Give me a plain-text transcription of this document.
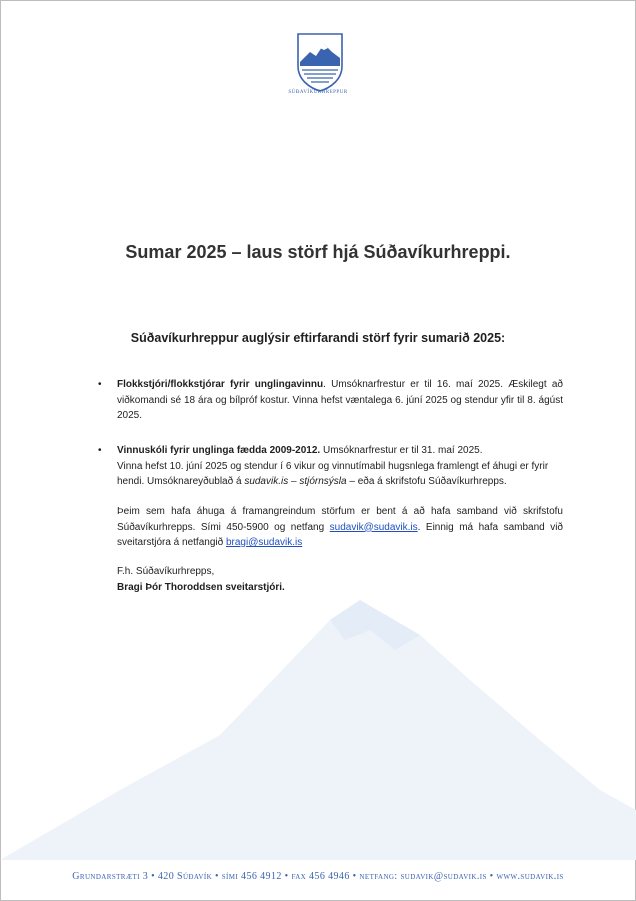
SÚÐAVÍKURHREPPUR
Sumar 2025 – laus störf hjá Súðavíkurhreppi.
Súðavíkurhreppur auglýsir eftirfarandi störf fyrir sumarið 2025:
•	Flokkstjóri/flokkstjórar fyrir unglingavinnu. Umsóknarfrestur er til 16. maí 2025. Æskilegt að viðkomandi sé 18 ára og bílpróf kostur. Vinna hefst væntalega 6. júní 2025 og stendur yfir til 8. ágúst 2025.
•	Vinnuskóli fyrir unglinga fædda 2009-2012. Umsóknarfrestur er til 31. maí 2025.
Vinna hefst 10. júní 2025 og stendur í 6 vikur og vinnutímabil hugsnlega framlengt ef áhugi er fyrir hendi. Umsóknareyðublað á sudavik.is – stjórnsýsla – eða á skrifstofu Súðavíkurhrepps.
Þeim sem hafa áhuga á framangreindum störfum er bent á að hafa samband við skrifstofu Súðavíkurhrepps. Sími 450-5900 og netfang sudavik@sudavik.is. Einnig má hafa samband við sveitarstjóra á netfangið bragi@sudavik.is
F.h. Súðavíkurhrepps,
Bragi Þór Thoroddsen sveitarstjóri.
Grundarstræti 3 • 420 Súðavík • sími 456 4912 • fax 456 4946 • netfang: sudavik@sudavik.is • www.sudavik.is
